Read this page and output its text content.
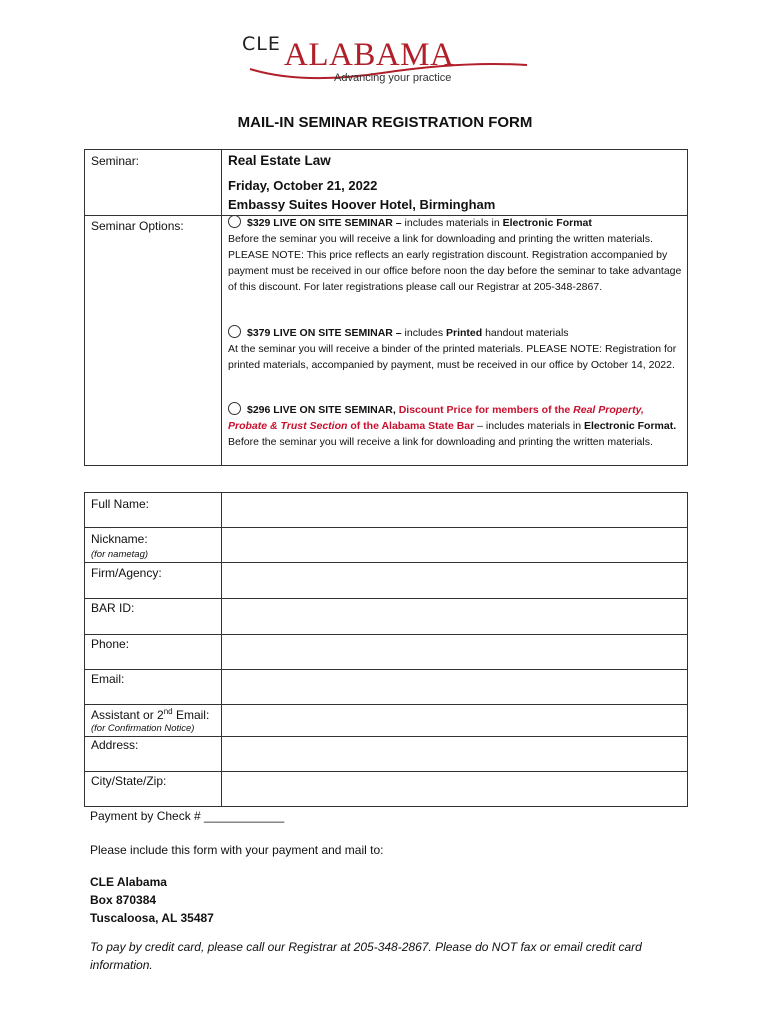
CLE ALABAMA
Advancing your practice
MAIL-IN SEMINAR REGISTRATION FORM
Seminar:	Real Estate Law
Friday, October 21, 2022
Embassy Suites Hoover Hotel, Birmingham
Seminar Options:	$329 LIVE ON SITE SEMINAR – includes materials in Electronic Format
Before the seminar you will receive a link for downloading and printing the written materials. PLEASE NOTE: This price reflects an early registration discount. Registration accompanied by payment must be received in our office before noon the day before the seminar to take advantage of this discount. For later registrations please call our Registrar at 205-348-2867.
$379 LIVE ON SITE SEMINAR – includes Printed handout materials
At the seminar you will receive a binder of the printed materials. PLEASE NOTE: Registration for printed materials, accompanied by payment, must be received in our office by October 14, 2022.
$296 LIVE ON SITE SEMINAR, Discount Price for members of the Real Property, Probate & Trust Section of the Alabama State Bar – includes materials in Electronic Format. Before the seminar you will receive a link for downloading and printing the written materials.
Full Name:
Nickname:
(for nametag)
Firm/Agency:
BAR ID:
Phone:
Email:
Assistant or 2nd Email:
(for Confirmation Notice)
Address:
City/State/Zip:
Payment by Check # ____________
Please include this form with your payment and mail to:
CLE Alabama
Box 870384
Tuscaloosa, AL 35487
To pay by credit card, please call our Registrar at 205-348-2867. Please do NOT fax or email credit card information.
